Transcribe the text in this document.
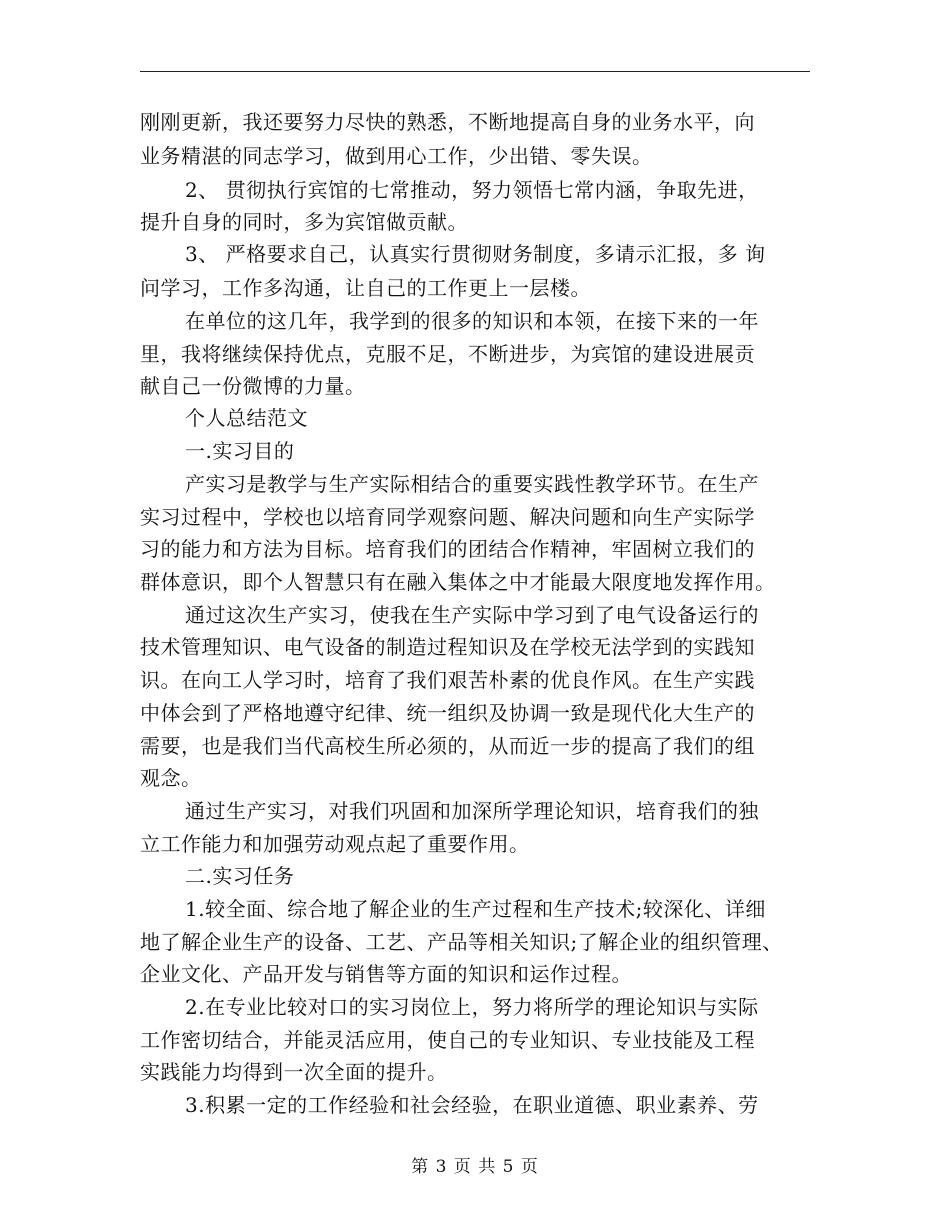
刚刚更新，我还要努力尽快的熟悉，不断地提高自身的业务水平，向
业务精湛的同志学习，做到用心工作，少出错、零失误。
2、 贯彻执行宾馆的七常推动，努力领悟七常内涵，争取先进，
提升自身的同时，多为宾馆做贡献。
3、 严格要求自己，认真实行贯彻财务制度，多请示汇报，多 询
问学习，工作多沟通，让自己的工作更上一层楼。
在单位的这几年，我学到的很多的知识和本领，在接下来的一年
里，我将继续保持优点，克服不足，不断进步，为宾馆的建设进展贡
献自己一份微博的力量。
个人总结范文
一.实习目的
产实习是教学与生产实际相结合的重要实践性教学环节。在生产
实习过程中，学校也以培育同学观察问题、解决问题和向生产实际学
习的能力和方法为目标。培育我们的团结合作精神，牢固树立我们的
群体意识，即个人智慧只有在融入集体之中才能最大限度地发挥作用。
通过这次生产实习，使我在生产实际中学习到了电气设备运行的
技术管理知识、电气设备的制造过程知识及在学校无法学到的实践知
识。在向工人学习时，培育了我们艰苦朴素的优良作风。在生产实践
中体会到了严格地遵守纪律、统一组织及协调一致是现代化大生产的
需要，也是我们当代高校生所必须的，从而近一步的提高了我们的组
观念。
通过生产实习，对我们巩固和加深所学理论知识，培育我们的独
立工作能力和加强劳动观点起了重要作用。
二.实习任务
1.较全面、综合地了解企业的生产过程和生产技术;较深化、详细
地了解企业生产的设备、工艺、产品等相关知识;了解企业的组织管理、
企业文化、产品开发与销售等方面的知识和运作过程。
2.在专业比较对口的实习岗位上，努力将所学的理论知识与实际
工作密切结合，并能灵活应用，使自己的专业知识、专业技能及工程
实践能力均得到一次全面的提升。
3.积累一定的工作经验和社会经验，在职业道德、职业素养、劳
第 3 页 共 5 页
